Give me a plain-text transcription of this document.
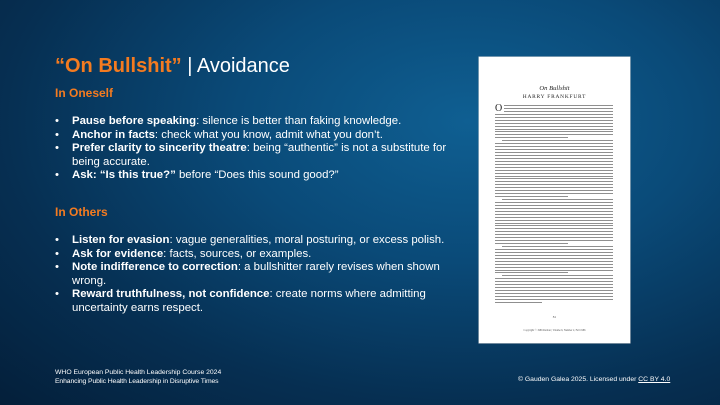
“On Bullshit” | Avoidance
In Oneself
• Pause before speaking: silence is better than faking knowledge.
• Anchor in facts: check what you know, admit what you don’t.
• Prefer clarity to sincerity theatre: being “authentic” is not a substitute for being accurate.
• Ask: “Is this true?” before “Does this sound good?”
In Others
• Listen for evasion: vague generalities, moral posturing, or excess polish.
• Ask for evidence: facts, sources, or examples.
• Note indifference to correction: a bullshitter rarely revises when shown wrong.
• Reward truthfulness, not confidence: create norms where admitting uncertainty earns respect.
On Bullshit
HARRY FRANKFURT
O
Copyright © 1986 Raritan | Volume 6, Number 2, Fall 1986
81
WHO European Public Health Leadership Course 2024
Enhancing Public Health Leadership in Disruptive Times	© Gauden Galea 2025. Licensed under CC BY 4.0
